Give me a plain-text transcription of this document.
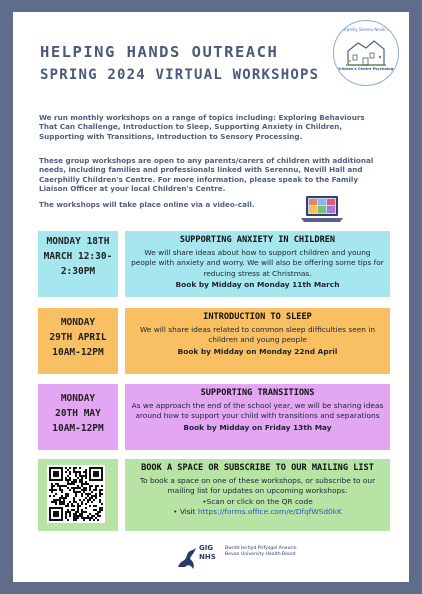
HELPING HANDS OUTREACH
SPRING 2024 VIRTUAL WORKSHOPS
Caerphilly Serenu Nevill Hall
Children's Centre Psychology
We run monthly workshops on a range of topics including: Exploring Behaviours That Can Challenge, Introduction to Sleep, Supporting Anxiety in Children, Supporting with Transitions, Introduction to Sensory Processing.
These group workshops are open to any parents/carers of children with additional needs, including families and professionals linked with Serennu, Nevill Hall and Caerphilly Children's Centre. For more information, please speak to the Family Liaison Officer at your local Children's Centre.
The workshops will take place online via a video-call.
MONDAY 18TH
MARCH 12:30-
2:30PM
SUPPORTING ANXIETY IN CHILDREN
We will share ideas about how to support children and young people with anxiety and worry. We will also be offering some tips for reducing stress at Christmas.
Book by Midday on Monday 11th March
MONDAY
29TH APRIL
10AM-12PM
INTRODUCTION TO SLEEP
We will share ideas related to common sleep difficulties seen in children and young people
Book by Midday on Monday 22nd April
MONDAY
20TH MAY
10AM-12PM
SUPPORTING TRANSITIONS
As we approach the end of the school year, we will be sharing ideas around how to support your child with transitions and separations
Book by Midday on Friday 13th May
BOOK A SPACE OR SUBSCRIBE TO OUR MAILING LIST
To book a space on one of these workshops, or subscribe to our mailing list for updates on upcoming workshops:
•Scan or click on the QR code
• Visit https://forms.office.com/e/DfqfWSd0kK
GIG
NHS
Bwrdd Iechyd Prifysgol Aneurin Bevan University Health Board
